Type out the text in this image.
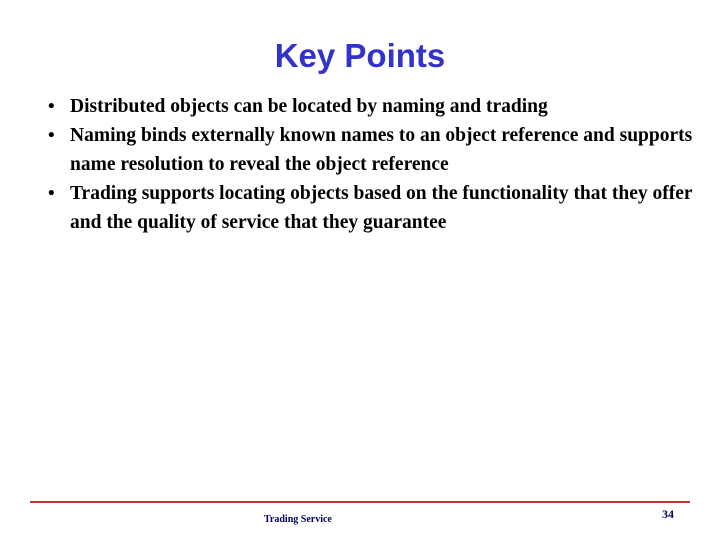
Key Points
• Distributed objects can be located by naming and trading
• Naming binds externally known names to an object reference and supports name resolution to reveal the object reference
• Trading supports locating objects based on the functionality that they offer and the quality of service that they guarantee
Trading Service	34
